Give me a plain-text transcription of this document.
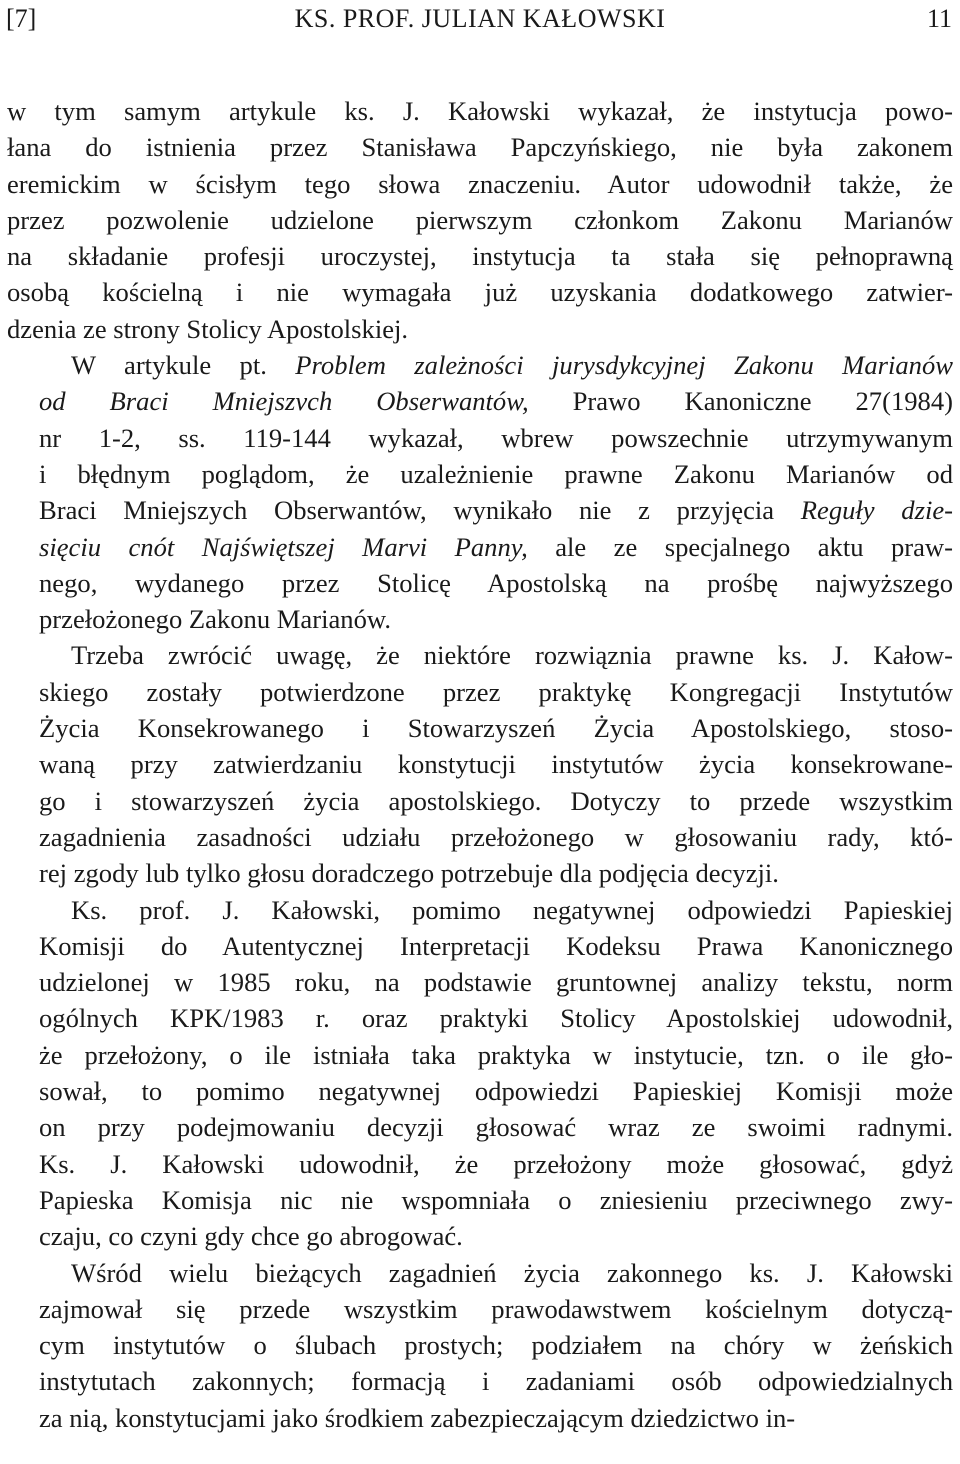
KS. PROF. JULIAN KAŁOWSKI
[7]	11
w tym samym artykule ks. J. Kałowski wykazał, że instytucja powo-
łana do istnienia przez Stanisława Papczyńskiego, nie była zakonem
eremickim w ścisłym tego słowa znaczeniu. Autor udowodnił także, że
przez pozwolenie udzielone pierwszym członkom Zakonu Marianów
na składanie profesji uroczystej, instytucja ta stała się pełnoprawną
osobą kościelną i nie wymagała już uzyskania dodatkowego zatwier-
dzenia ze strony Stolicy Apostolskiej.
W artykule pt. Problem zależności jurysdykcyjnej Zakonu Marianów
od Braci Mniejszvch Obserwantów, Prawo Kanoniczne 27(1984)
nr 1-2, ss. 119-144 wykazał, wbrew powszechnie utrzymywanym
i błędnym poglądom, że uzależnienie prawne Zakonu Marianów od
Braci Mniejszych Obserwantów, wynikało nie z przyjęcia Reguły dzie-
sięciu cnót Najświętszej Marvi Panny, ale ze specjalnego aktu praw-
nego, wydanego przez Stolicę Apostolską na prośbę najwyższego
przełożonego Zakonu Marianów.
Trzeba zwrócić uwagę, że niektóre rozwiąznia prawne ks. J. Kałow-
skiego zostały potwierdzone przez praktykę Kongregacji Instytutów
Życia Konsekrowanego i Stowarzyszeń Życia Apostolskiego, stoso-
waną przy zatwierdzaniu konstytucji instytutów życia konsekrowane-
go i stowarzyszeń życia apostolskiego. Dotyczy to przede wszystkim
zagadnienia zasadności udziału przełożonego w głosowaniu rady, któ-
rej zgody lub tylko głosu doradczego potrzebuje dla podjęcia decyzji.
Ks. prof. J. Kałowski, pomimo negatywnej odpowiedzi Papieskiej
Komisji do Autentycznej Interpretacji Kodeksu Prawa Kanonicznego
udzielonej w 1985 roku, na podstawie gruntownej analizy tekstu, norm
ogólnych KPK/1983 r. oraz praktyki Stolicy Apostolskiej udowodnił,
że przełożony, o ile istniała taka praktyka w instytucie, tzn. o ile gło-
sował, to pomimo negatywnej odpowiedzi Papieskiej Komisji może
on przy podejmowaniu decyzji głosować wraz ze swoimi radnymi.
Ks. J. Kałowski udowodnił, że przełożony może głosować, gdyż
Papieska Komisja nic nie wspomniała o zniesieniu przeciwnego zwy-
czaju, co czyni gdy chce go abrogować.
Wśród wielu bieżących zagadnień życia zakonnego ks. J. Kałowski
zajmował się przede wszystkim prawodawstwem kościelnym dotyczą-
cym instytutów o ślubach prostych; podziałem na chóry w żeńskich
instytutach zakonnych; formacją i zadaniami osób odpowiedzialnych
za nią, konstytucjami jako środkiem zabezpieczającym dziedzictwo in-
